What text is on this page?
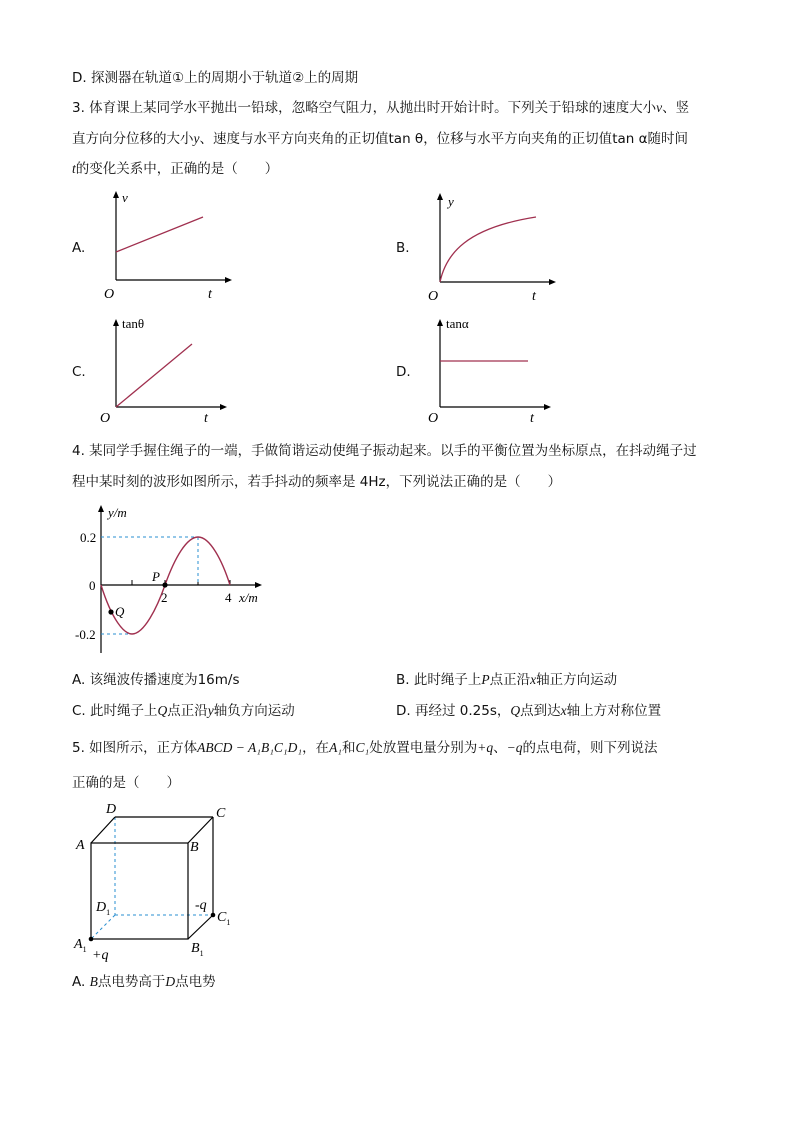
D. 探测器在轨道①上的周期小于轨道②上的周期
3. 体育课上某同学水平抛出一铅球，忽略空气阻力，从抛出时开始计时。下列关于铅球的速度大小v、竖
直方向分位移的大小y、速度与水平方向夹角的正切值tan θ，位移与水平方向夹角的正切值tan α随时间
t的变化关系中，正确的是（　　）
A.
v
O	t
B.
y
O	t
C.
tanθ
O	t
D.
tanα
O	t
4. 某同学手握住绳子的一端，手做简谐运动使绳子振动起来。以手的平衡位置为坐标原点，在抖动绳子过
程中某时刻的波形如图所示，若手抖动的频率是 4Hz，下列说法正确的是（　　）
y/m
0.2
0
-0.2
2	4 x/m
P
Q
A. 该绳波传播速度为16m/s	B. 此时绳子上P点正沿x轴正方向运动
C. 此时绳子上Q点正沿y轴负方向运动	D. 再经过 0.25s，Q点到达x轴上方对称位置
5. 如图所示，正方体ABCD − A₁B₁C₁D₁，在A₁和C₁处放置电量分别为+q、−q的点电荷，则下列说法
正确的是（　　）
D	C
A	B
$D_1$	$C_1$
$A_1$	$B_1$
+q
-q
A. B点电势高于D点电势
